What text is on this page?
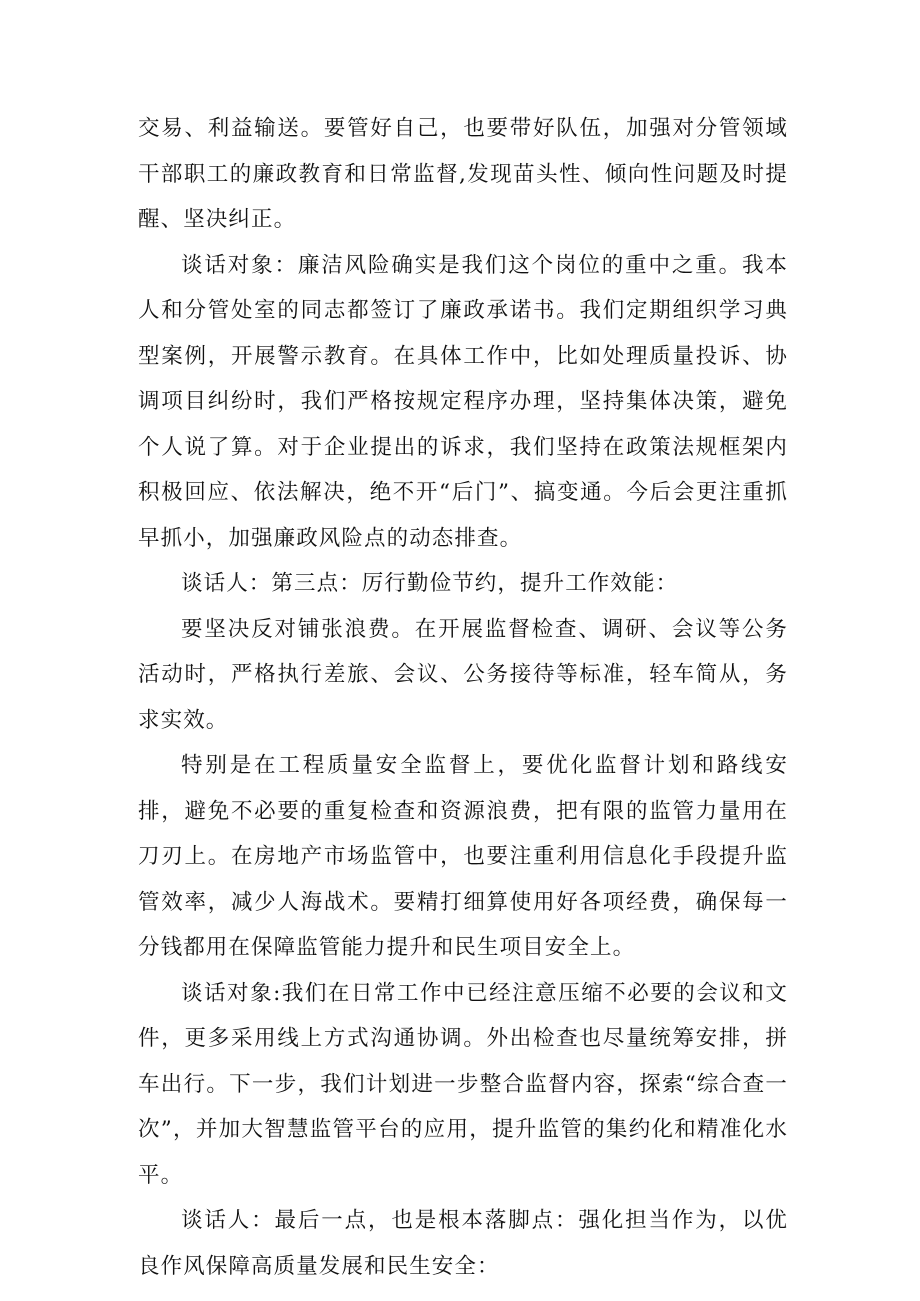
交易、利益输送。要管好自己，也要带好队伍，加强对分管领域干部职工的廉政教育和日常监督,发现苗头性、倾向性问题及时提醒、坚决纠正。

谈话对象：廉洁风险确实是我们这个岗位的重中之重。我本人和分管处室的同志都签订了廉政承诺书。我们定期组织学习典型案例，开展警示教育。在具体工作中，比如处理质量投诉、协调项目纠纷时，我们严格按规定程序办理，坚持集体决策，避免个人说了算。对于企业提出的诉求，我们坚持在政策法规框架内积极回应、依法解决，绝不开“后门”、搞变通。今后会更注重抓早抓小，加强廉政风险点的动态排查。

谈话人：第三点：厉行勤俭节约，提升工作效能：

要坚决反对铺张浪费。在开展监督检查、调研、会议等公务活动时，严格执行差旅、会议、公务接待等标准，轻车简从，务求实效。

特别是在工程质量安全监督上，要优化监督计划和路线安排，避免不必要的重复检查和资源浪费，把有限的监管力量用在刀刃上。在房地产市场监管中，也要注重利用信息化手段提升监管效率，减少人海战术。要精打细算使用好各项经费，确保每一分钱都用在保障监管能力提升和民生项目安全上。

谈话对象:我们在日常工作中已经注意压缩不必要的会议和文件，更多采用线上方式沟通协调。外出检查也尽量统筹安排，拼车出行。下一步，我们计划进一步整合监督内容，探索“综合查一次”，并加大智慧监管平台的应用，提升监管的集约化和精准化水平。

谈话人：最后一点，也是根本落脚点：强化担当作为，以优良作风保障高质量发展和民生安全：
